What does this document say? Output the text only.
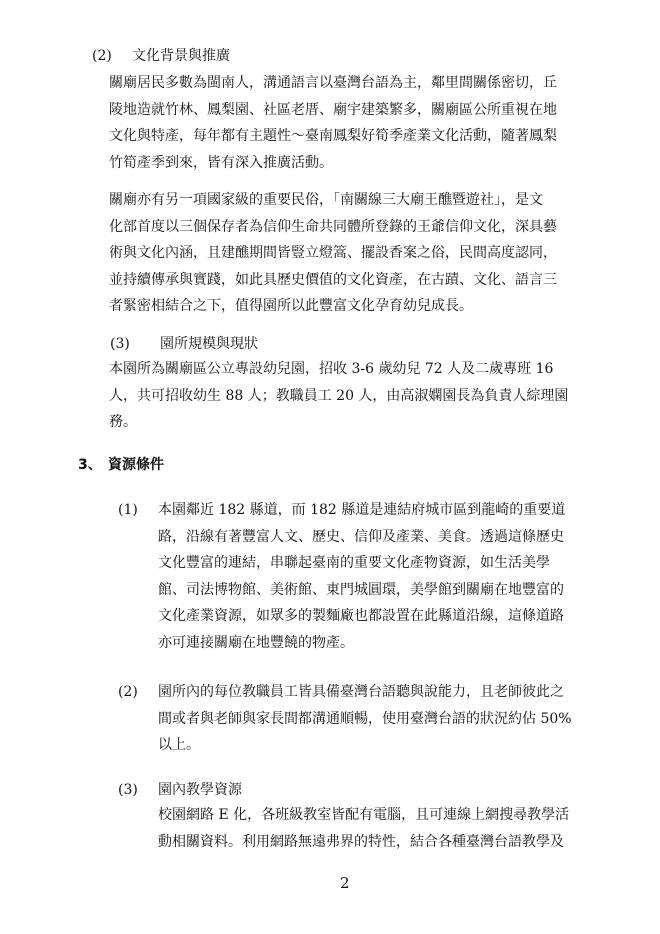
(2) 文化背景與推廣
關廟居民多數為閩南人，溝通語言以臺灣台語為主，鄰里間關係密切，丘
陵地造就竹林、鳳梨園、社區老厝、廟宇建築繁多，關廟區公所重視在地
文化與特產，每年都有主題性～臺南鳳梨好筍季產業文化活動，隨著鳳梨
竹筍產季到來，皆有深入推廣活動。
關廟亦有另一項國家級的重要民俗，「南關線三大廟王醮暨遊社」，是文
化部首度以三個保存者為信仰生命共同體所登錄的王爺信仰文化，深具藝
術與文化內涵，且建醮期間皆豎立燈篙、擺設香案之俗，民間高度認同，
並持續傳承與實踐，如此具歷史價值的文化資產，在古蹟、文化、語言三
者緊密相結合之下，值得園所以此豐富文化孕育幼兒成長。
(3) 園所規模與現狀
本園所為關廟區公立專設幼兒園，招收 3-6 歲幼兒 72 人及二歲專班 16
人，共可招收幼生 88 人；教職員工 20 人，由高淑嫻園長為負責人綜理園
務。
3、 資源條件
(1) 本園鄰近 182 縣道，而 182 縣道是連結府城市區到龍崎的重要道
路，沿線有著豐富人文、歷史、信仰及產業、美食。透過這條歷史
文化豐富的連結，串聯起臺南的重要文化產物資源，如生活美學
館、司法博物館、美術館、東門城圓環，美學館到關廟在地豐富的
文化產業資源，如眾多的製麵廠也都設置在此縣道沿線，這條道路
亦可連接關廟在地豐饒的物產。
(2) 園所內的每位教職員工皆具備臺灣台語聽與說能力，且老師彼此之
間或者與老師與家長間都溝通順暢，使用臺灣台語的狀況約佔 50%
以上。
(3) 園內教學資源
校園網路 E 化，各班級教室皆配有電腦，且可連線上網搜尋教學活
動相關資料。利用網路無遠弗界的特性，結合各種臺灣台語教學及
2
